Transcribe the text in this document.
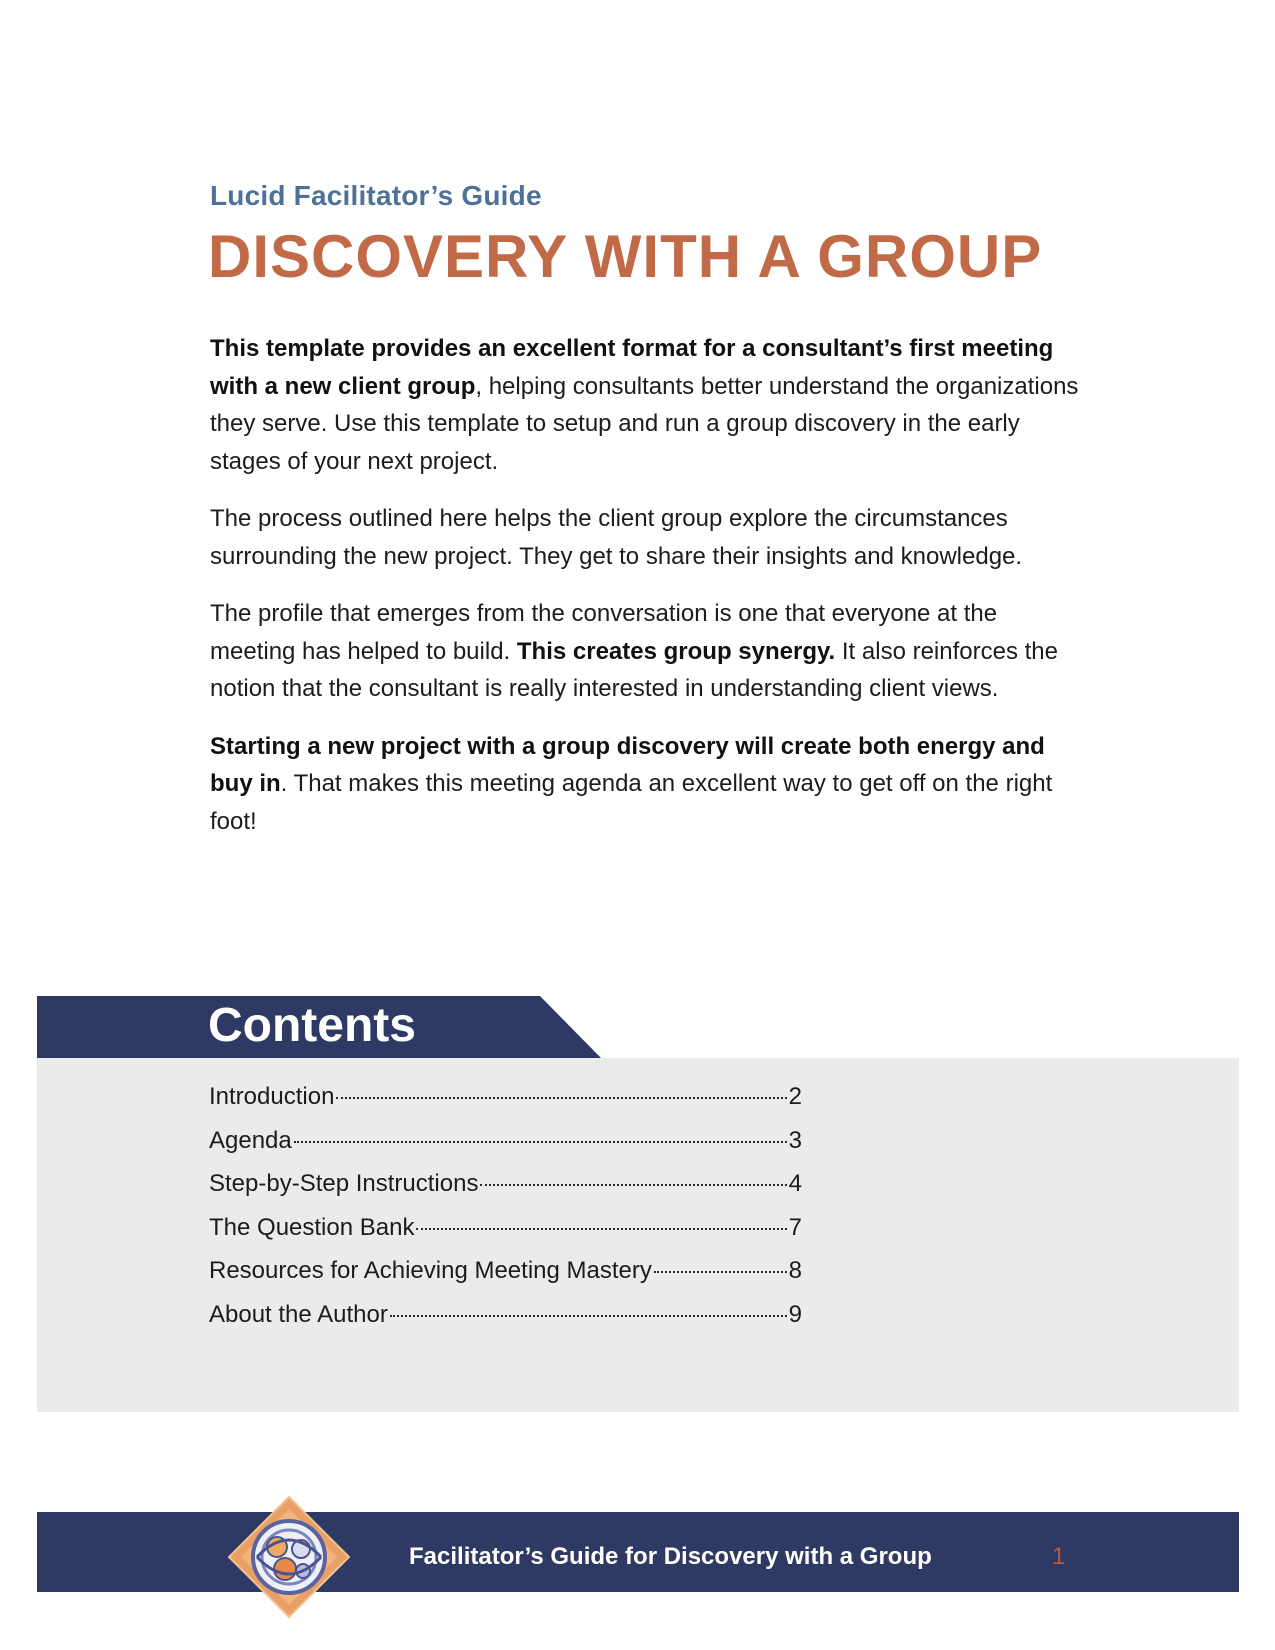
Lucid Facilitator’s Guide
DISCOVERY WITH A GROUP

This template provides an excellent format for a consultant’s first meeting with a new client group, helping consultants better understand the organizations they serve. Use this template to setup and run a group discovery in the early stages of your next project.

The process outlined here helps the client group explore the circumstances surrounding the new project. They get to share their insights and knowledge.

The profile that emerges from the conversation is one that everyone at the meeting has helped to build. This creates group synergy. It also reinforces the notion that the consultant is really interested in understanding client views.

Starting a new project with a group discovery will create both energy and buy in. That makes this meeting agenda an excellent way to get off on the right foot!

Contents
Introduction	2
Agenda	3
Step-by-Step Instructions	4
The Question Bank	7
Resources for Achieving Meeting Mastery	8
About the Author	9
Facilitator’s Guide for Discovery with a Group	1
